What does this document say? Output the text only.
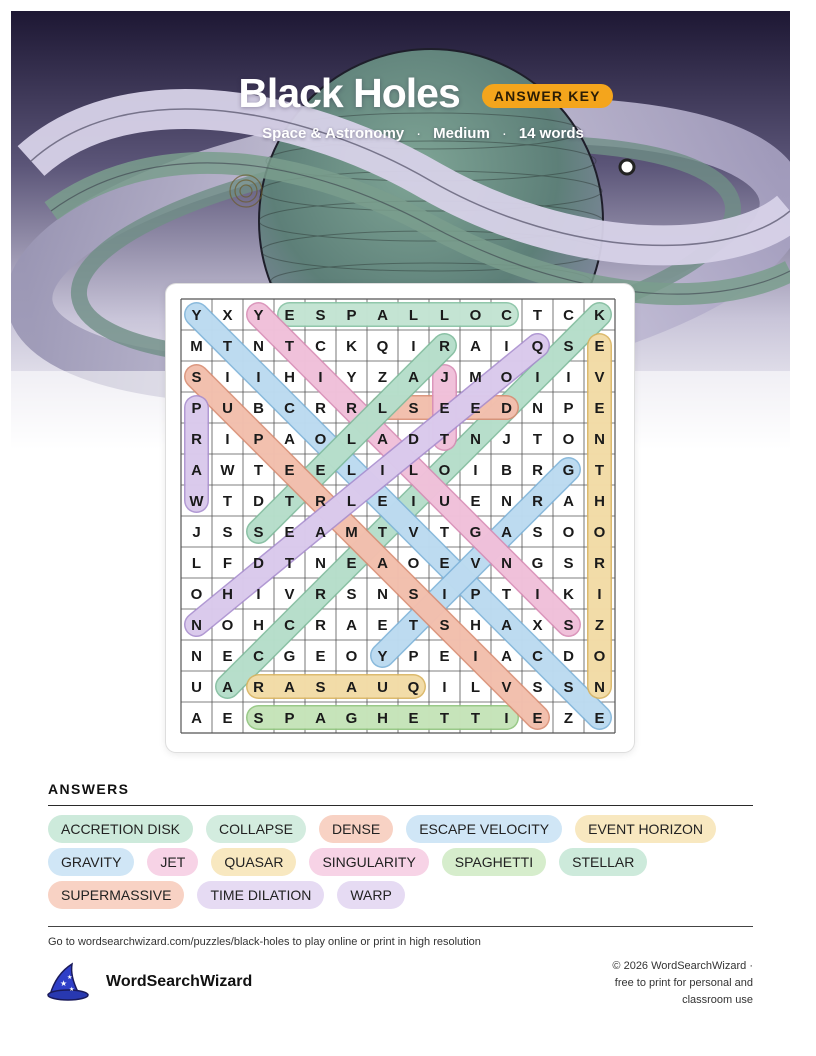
Black Holes	ANSWER KEY
Space & Astronomy · Medium · 14 words
Y X Y E S P A L L O C T C K
M T N T C K Q I R A I Q S E
S I I H I Y Z A J M O I I V
P U B C R R L S E E D N P E
R I P A O L A D T N J T O N
A W T E E L I L O I B R G T
W T D T R L E I U E N R A H
J S S E A M T V T G A S O O
L F D T N E A O E V N G S R
O H I V R S N S I P T I K I
N O H C R A E T S H A X S Z
N E C G E O Y P E I A C D O
U A R A S A U Q I L V S S N
A E S P A G H E T T I E Z E
ANSWERS
ACCRETION DISK	COLLAPSE	DENSE	ESCAPE VELOCITY	EVENT HORIZON
GRAVITY	JET	QUASAR	SINGULARITY	SPAGHETTI	STELLAR
SUPERMASSIVE	TIME DILATION	WARP
Go to wordsearchwizard.com/puzzles/black-holes to play online or print in high resolution
★
★
★ WordSearchWizard
© 2026 WordSearchWizard ·
free to print for personal and
classroom use
